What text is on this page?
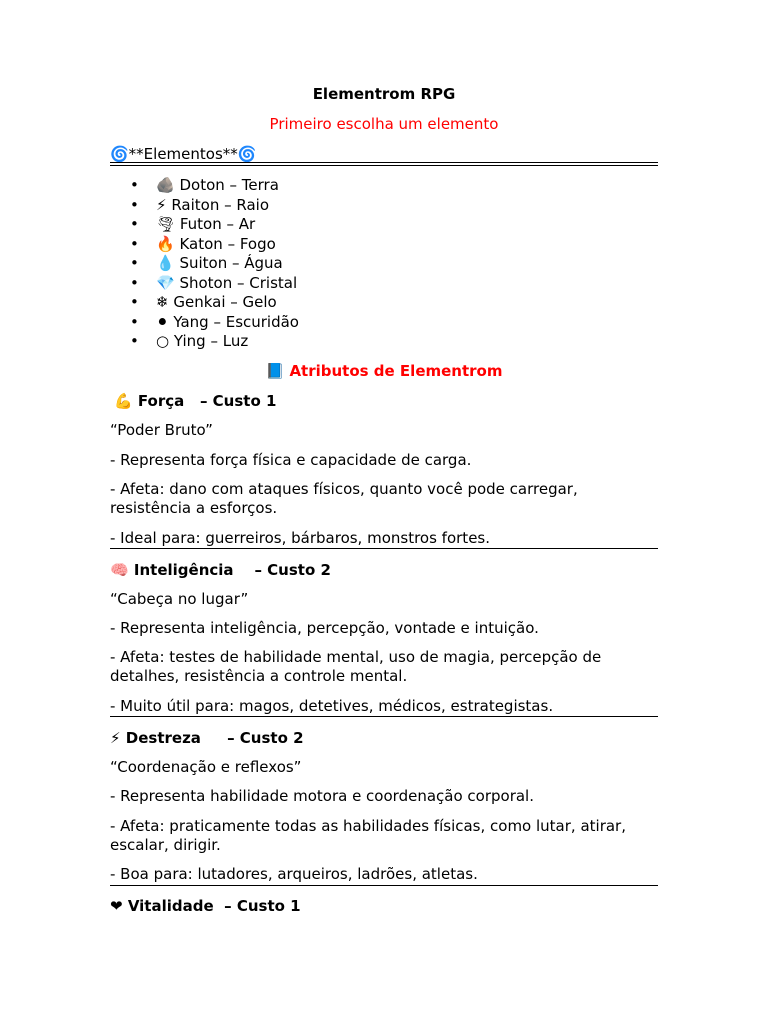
Elementrom RPG
Primeiro escolha um elemento
🌀**Elementos**🌀
• 🪨 Doton – Terra
• ⚡ Raiton – Raio
• 🌪 Futon – Ar
• 🔥 Katon – Fogo
• 💧 Suiton – Água
• 💎 Shoton – Cristal
• ❄ Genkai – Gelo
• ⚫ Yang – Escuridão
• ○ Ying – Luz
📘 Atributos de Elementrom
💪 Força – Custo 1
“Poder Bruto”
- Representa força física e capacidade de carga.
- Afeta: dano com ataques físicos, quanto você pode carregar,
resistência a esforços.
- Ideal para: guerreiros, bárbaros, monstros fortes.
🧠 Inteligência – Custo 2
“Cabeça no lugar”
- Representa inteligência, percepção, vontade e intuição.
- Afeta: testes de habilidade mental, uso de magia, percepção de
detalhes, resistência a controle mental.
- Muito útil para: magos, detetives, médicos, estrategistas.
⚡ Destreza – Custo 2
“Coordenação e reflexos”
- Representa habilidade motora e coordenação corporal.
- Afeta: praticamente todas as habilidades físicas, como lutar, atirar,
escalar, dirigir.
- Boa para: lutadores, arqueiros, ladrões, atletas.
❤ Vitalidade – Custo 1
